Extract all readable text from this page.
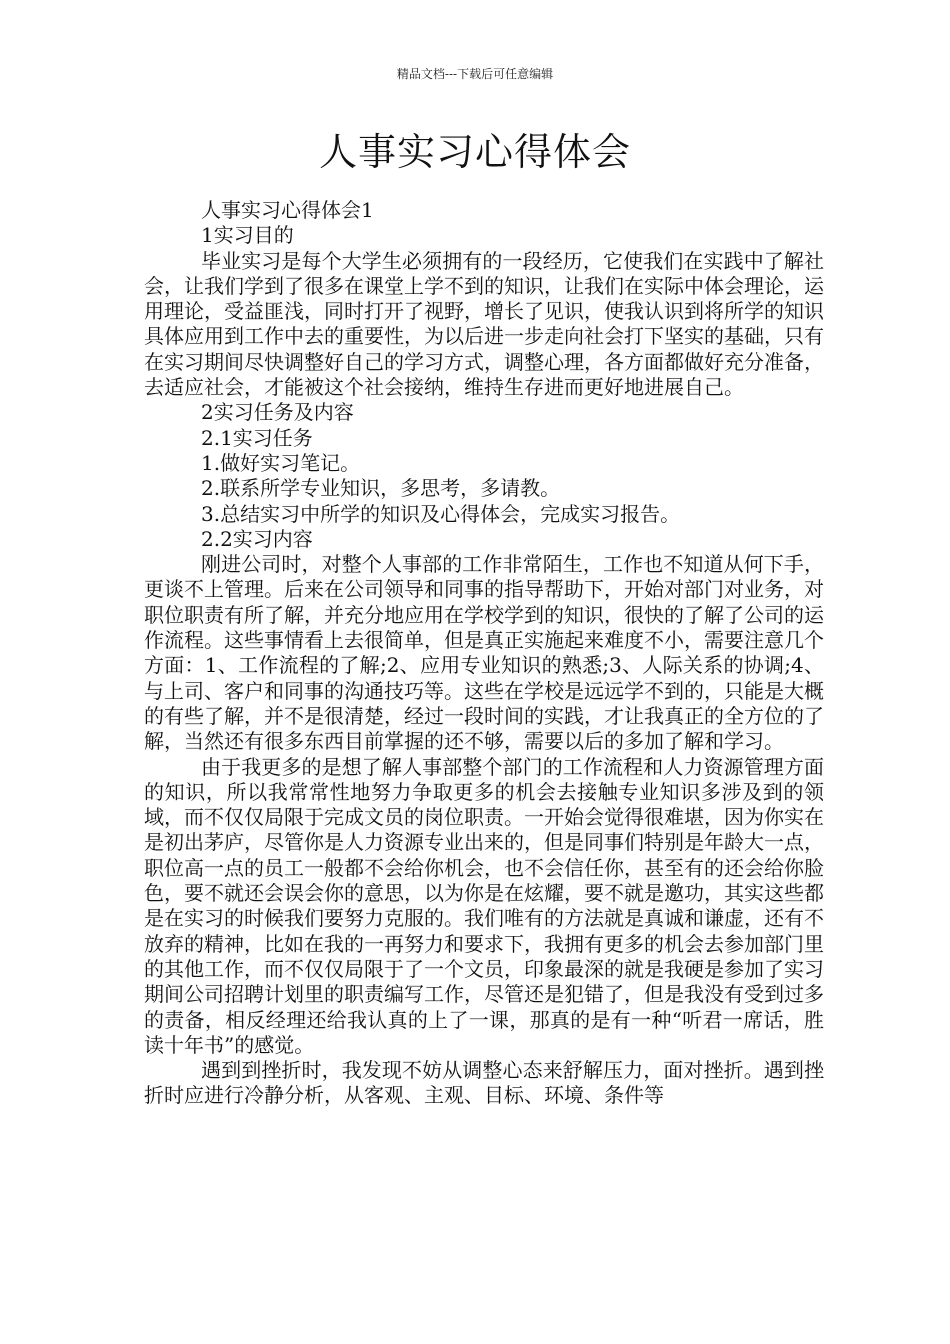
精品文档---下载后可任意编辑
人事实习心得体会

人事实习心得体会1

1实习目的

毕业实习是每个大学生必须拥有的一段经历，它使我们在实践中了解社会，让我们学到了很多在课堂上学不到的知识，让我们在实际中体会理论，运用理论，受益匪浅，同时打开了视野，增长了见识，使我认识到将所学的知识具体应用到工作中去的重要性，为以后进一步走向社会打下坚实的基础，只有在实习期间尽快调整好自己的学习方式，调整心理，各方面都做好充分准备，去适应社会，才能被这个社会接纳，维持生存进而更好地进展自己。

2实习任务及内容

2.1实习任务

1.做好实习笔记。

2.联系所学专业知识，多思考，多请教。

3.总结实习中所学的知识及心得体会，完成实习报告。

2.2实习内容

刚进公司时，对整个人事部的工作非常陌生，工作也不知道从何下手，更谈不上管理。后来在公司领导和同事的指导帮助下，开始对部门对业务，对职位职责有所了解，并充分地应用在学校学到的知识，很快的了解了公司的运作流程。这些事情看上去很简单，但是真正实施起来难度不小，需要注意几个方面：1、工作流程的了解;2、应用专业知识的熟悉;3、人际关系的协调;4、与上司、客户和同事的沟通技巧等。这些在学校是远远学不到的，只能是大概的有些了解，并不是很清楚，经过一段时间的实践，才让我真正的全方位的了解，当然还有很多东西目前掌握的还不够，需要以后的多加了解和学习。

由于我更多的是想了解人事部整个部门的工作流程和人力资源管理方面的知识，所以我常常性地努力争取更多的机会去接触专业知识多涉及到的领域，而不仅仅局限于完成文员的岗位职责。一开始会觉得很难堪，因为你实在是初出茅庐，尽管你是人力资源专业出来的，但是同事们特别是年龄大一点，职位高一点的员工一般都不会给你机会，也不会信任你，甚至有的还会给你脸色，要不就还会误会你的意思，以为你是在炫耀，要不就是邀功，其实这些都是在实习的时候我们要努力克服的。我们唯有的方法就是真诚和谦虚，还有不放弃的精神，比如在我的一再努力和要求下，我拥有更多的机会去参加部门里的其他工作，而不仅仅局限于了一个文员，印象最深的就是我硬是参加了实习期间公司招聘计划里的职责编写工作，尽管还是犯错了，但是我没有受到过多的责备，相反经理还给我认真的上了一课，那真的是有一种“听君一席话，胜读十年书”的感觉。

遇到到挫折时，我发现不妨从调整心态来舒解压力，面对挫折。遇到挫折时应进行冷静分析，从客观、主观、目标、环境、条件等
